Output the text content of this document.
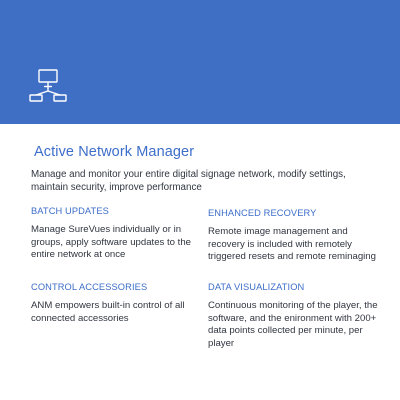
Active Network Manager

Manage and monitor your entire digital signage network, modify settings, maintain security, improve performance

BATCH UPDATES

Manage SureVues individually or in groups, apply software updates to the entire network at once

ENHANCED RECOVERY

Remote image management and recovery is included with remotely triggered resets and remote reminaging

CONTROL ACCESSORIES

ANM empowers built-in control of all connected accessories

DATA VISUALIZATION

Continuous monitoring of the player, the software, and the enironment with 200+ data points collected per minute, per player
